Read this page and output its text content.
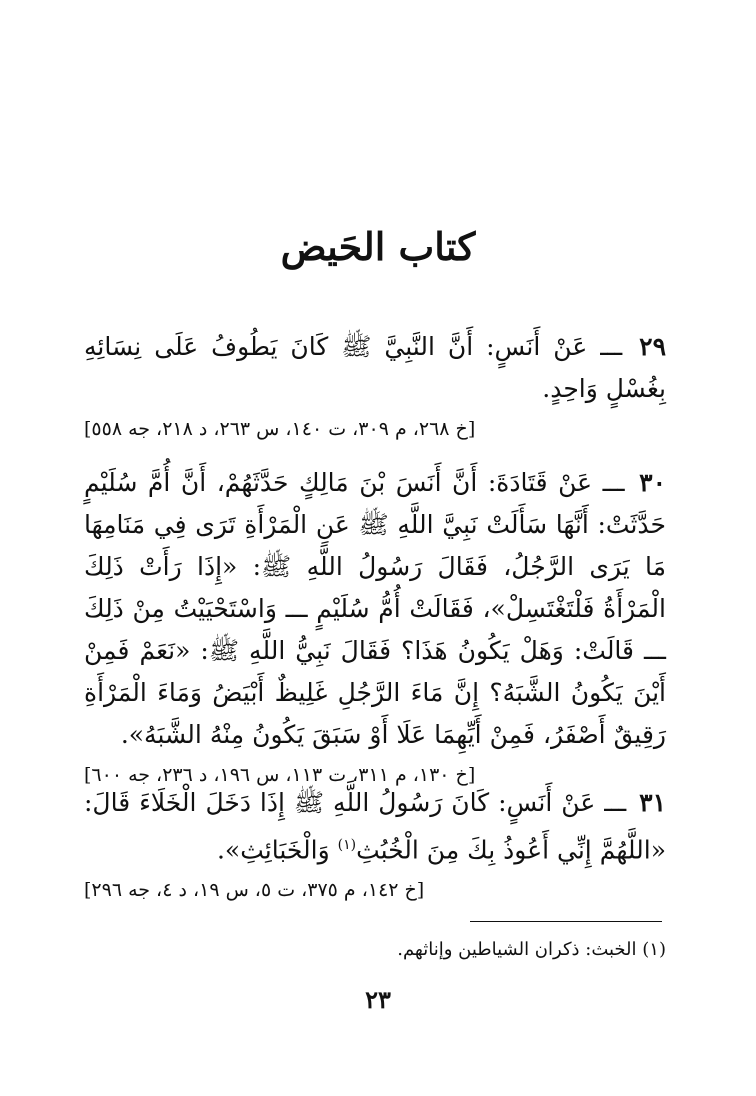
كتاب الحَيض
٢٩ ـــ عَنْ أَنَسٍ: أَنَّ النَّبِيَّ ﷺ كَانَ يَطُوفُ عَلَى نِسَائِهِ بِغُسْلٍ وَاحِدٍ.
[خ ٢٦٨، م ٣٠٩، ت ١٤٠، س ٢٦٣، د ٢١٨، جه ٥٥٨]
٣٠ ـــ عَنْ قَتَادَةَ: أَنَّ أَنَسَ بْنَ مَالِكٍ حَدَّثَهُمْ، أَنَّ أُمَّ سُلَيْمٍ حَدَّثَتْ: أَنَّهَا سَأَلَتْ نَبِيَّ اللَّهِ ﷺ عَنِ الْمَرْأَةِ تَرَى فِي مَنَامِهَا مَا يَرَى الرَّجُلُ، فَقَالَ رَسُولُ اللَّهِ ﷺ: «إِذَا رَأَتْ ذَلِكَ الْمَرْأَةُ فَلْتَغْتَسِلْ»، فَقَالَتْ أُمُّ سُلَيْمٍ ـــ وَاسْتَحْيَيْتُ مِنْ ذَلِكَ ـــ قَالَتْ: وَهَلْ يَكُونُ هَذَا؟ فَقَالَ نَبِيُّ اللَّهِ ﷺ: «نَعَمْ فَمِنْ أَيْنَ يَكُونُ الشَّبَهُ؟ إِنَّ مَاءَ الرَّجُلِ غَلِيظٌ أَبْيَضُ وَمَاءَ الْمَرْأَةِ رَقِيقٌ أَصْفَرُ، فَمِنْ أَيِّهِمَا عَلَا أَوْ سَبَقَ يَكُونُ مِنْهُ الشَّبَهُ».
[خ ١٣٠، م ٣١١، ت ١١٣، س ١٩٦، د ٢٣٦، جه ٦٠٠]
٣١ ـــ عَنْ أَنَسٍ: كَانَ رَسُولُ اللَّهِ ﷺ إِذَا دَخَلَ الْخَلَاءَ قَالَ: «اللَّهُمَّ إِنِّي أَعُوذُ بِكَ مِنَ الْخُبُثِ$^{(١)}$ وَالْخَبَائِثِ».
[خ ١٤٢، م ٣٧٥، ت ٥، س ١٩، د ٤، جه ٢٩٦]
(١) الخبث: ذكران الشياطين وإناثهم.
٢٣
